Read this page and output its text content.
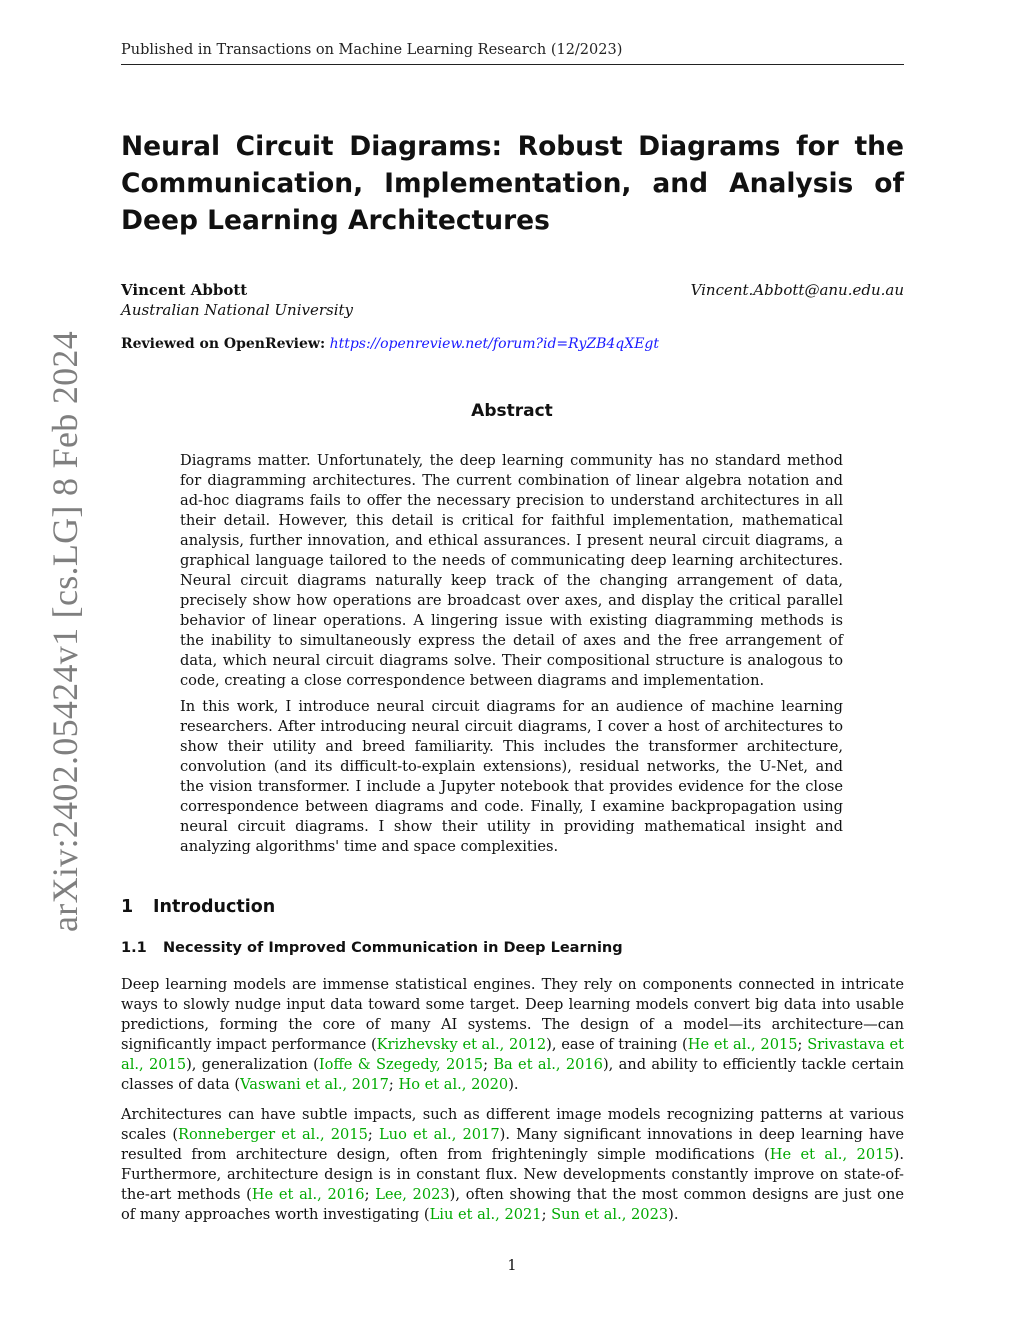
Published in Transactions on Machine Learning Research (12/2023)
arXiv:2402.05424v1 [cs.LG] 8 Feb 2024
Neural Circuit Diagrams: Robust Diagrams for the Communication, Implementation, and Analysis of Deep Learning Architectures
Vincent Abbott	Vincent.Abbott@anu.edu.au
Australian National University
Reviewed on OpenReview: https://openreview.net/forum?id=RyZB4qXEgt
Abstract

Diagrams matter. Unfortunately, the deep learning community has no standard method for diagramming architectures. The current combination of linear algebra notation and ad-hoc diagrams fails to offer the necessary precision to understand architectures in all their detail. However, this detail is critical for faithful implementation, mathematical analysis, further innovation, and ethical assurances. I present neural circuit diagrams, a graphical language tailored to the needs of communicating deep learning architectures. Neural circuit diagrams naturally keep track of the changing arrangement of data, precisely show how operations are broadcast over axes, and display the critical parallel behavior of linear operations. A lingering issue with existing diagramming methods is the inability to simultaneously express the detail of axes and the free arrangement of data, which neural circuit diagrams solve. Their compositional structure is analogous to code, creating a close correspondence between diagrams and implementation.

In this work, I introduce neural circuit diagrams for an audience of machine learning researchers. After introducing neural circuit diagrams, I cover a host of architectures to show their utility and breed familiarity. This includes the transformer architecture, convolution (and its difficult-to-explain extensions), residual networks, the U-Net, and the vision transformer. I include a Jupyter notebook that provides evidence for the close correspondence between diagrams and code. Finally, I examine backpropagation using neural circuit diagrams. I show their utility in providing mathematical insight and analyzing algorithms' time and space complexities.

1 Introduction
1.1 Necessity of Improved Communication in Deep Learning

Deep learning models are immense statistical engines. They rely on components connected in intricate ways to slowly nudge input data toward some target. Deep learning models convert big data into usable predictions, forming the core of many AI systems. The design of a model—its architecture—can significantly impact performance (Krizhevsky et al., 2012), ease of training (He et al., 2015; Srivastava et al., 2015), generalization (Ioffe & Szegedy, 2015; Ba et al., 2016), and ability to efficiently tackle certain classes of data (Vaswani et al., 2017; Ho et al., 2020).

Architectures can have subtle impacts, such as different image models recognizing patterns at various scales (Ronneberger et al., 2015; Luo et al., 2017). Many significant innovations in deep learning have resulted from architecture design, often from frighteningly simple modifications (He et al., 2015). Furthermore, architecture design is in constant flux. New developments constantly improve on state-of-the-art methods (He et al., 2016; Lee, 2023), often showing that the most common designs are just one of many approaches worth investigating (Liu et al., 2021; Sun et al., 2023).

1
